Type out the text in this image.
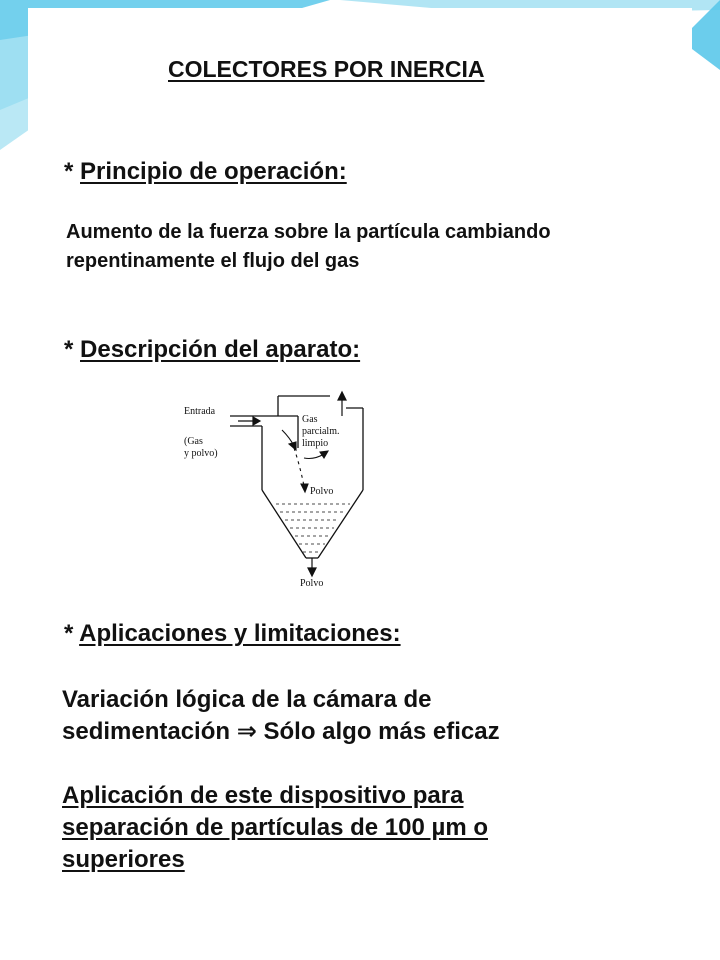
COLECTORES POR INERCIA
* Principio de operación:
Aumento de la fuerza sobre la partícula cambiando
repentinamente el flujo del gas
* Descripción del aparato:
Entrada
(Gas
y polvo)
Gas
parcialm.
limpio
Polvo
Polvo
* Aplicaciones y limitaciones:
Variación lógica de la cámara de
sedimentación ⇒ Sólo algo más eficaz
Aplicación de este dispositivo para
separación de partículas de 100 µm o
superiores
